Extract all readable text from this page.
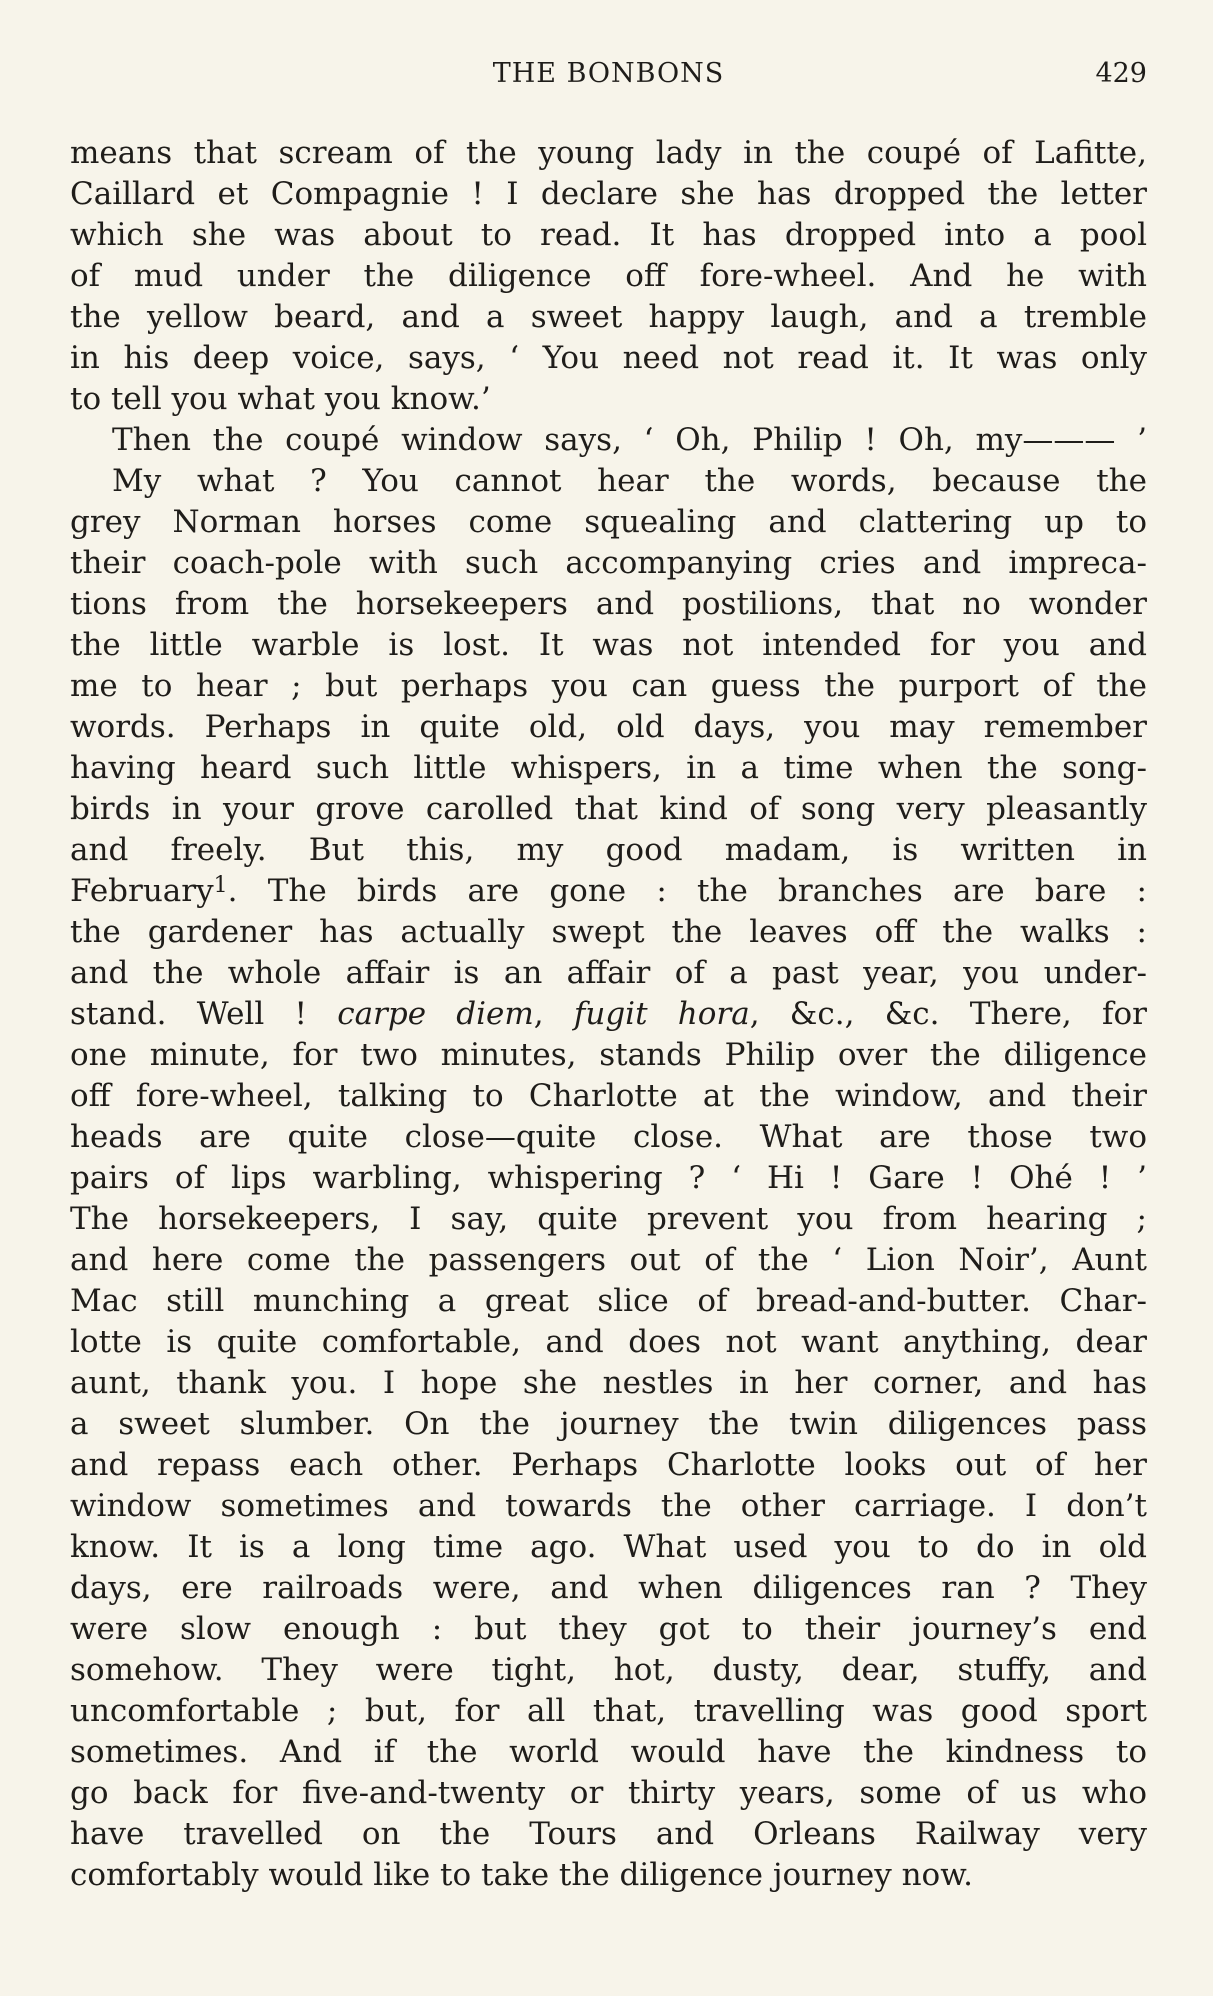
THE BONBONS	429
means that scream of the young lady in the coupé of Lafitte,
Caillard et Compagnie ! I declare she has dropped the letter
which she was about to read. It has dropped into a pool
of mud under the diligence off fore-wheel. And he with
the yellow beard, and a sweet happy laugh, and a tremble
in his deep voice, says, ‘ You need not read it. It was only
to tell you what you know.’
Then the coupé window says, ‘ Oh, Philip ! Oh, my——— ’
My what ? You cannot hear the words, because the
grey Norman horses come squealing and clattering up to
their coach-pole with such accompanying cries and impreca-
tions from the horsekeepers and postilions, that no wonder
the little warble is lost. It was not intended for you and
me to hear ; but perhaps you can guess the purport of the
words. Perhaps in quite old, old days, you may remember
having heard such little whispers, in a time when the song-
birds in your grove carolled that kind of song very pleasantly
and freely. But this, my good madam, is written in
February$^1$. The birds are gone : the branches are bare :
the gardener has actually swept the leaves off the walks :
and the whole affair is an affair of a past year, you under-
stand. Well ! carpe diem, fugit hora, &c., &c. There, for
one minute, for two minutes, stands Philip over the diligence
off fore-wheel, talking to Charlotte at the window, and their
heads are quite close—quite close. What are those two
pairs of lips warbling, whispering ? ‘ Hi ! Gare ! Ohé ! ’
The horsekeepers, I say, quite prevent you from hearing ;
and here come the passengers out of the ‘ Lion Noir’, Aunt
Mac still munching a great slice of bread-and-butter. Char-
lotte is quite comfortable, and does not want anything, dear
aunt, thank you. I hope she nestles in her corner, and has
a sweet slumber. On the journey the twin diligences pass
and repass each other. Perhaps Charlotte looks out of her
window sometimes and towards the other carriage. I don’t
know. It is a long time ago. What used you to do in old
days, ere railroads were, and when diligences ran ? They
were slow enough : but they got to their journey’s end
somehow. They were tight, hot, dusty, dear, stuffy, and
uncomfortable ; but, for all that, travelling was good sport
sometimes. And if the world would have the kindness to
go back for five-and-twenty or thirty years, some of us who
have travelled on the Tours and Orleans Railway very
comfortably would like to take the diligence journey now.
